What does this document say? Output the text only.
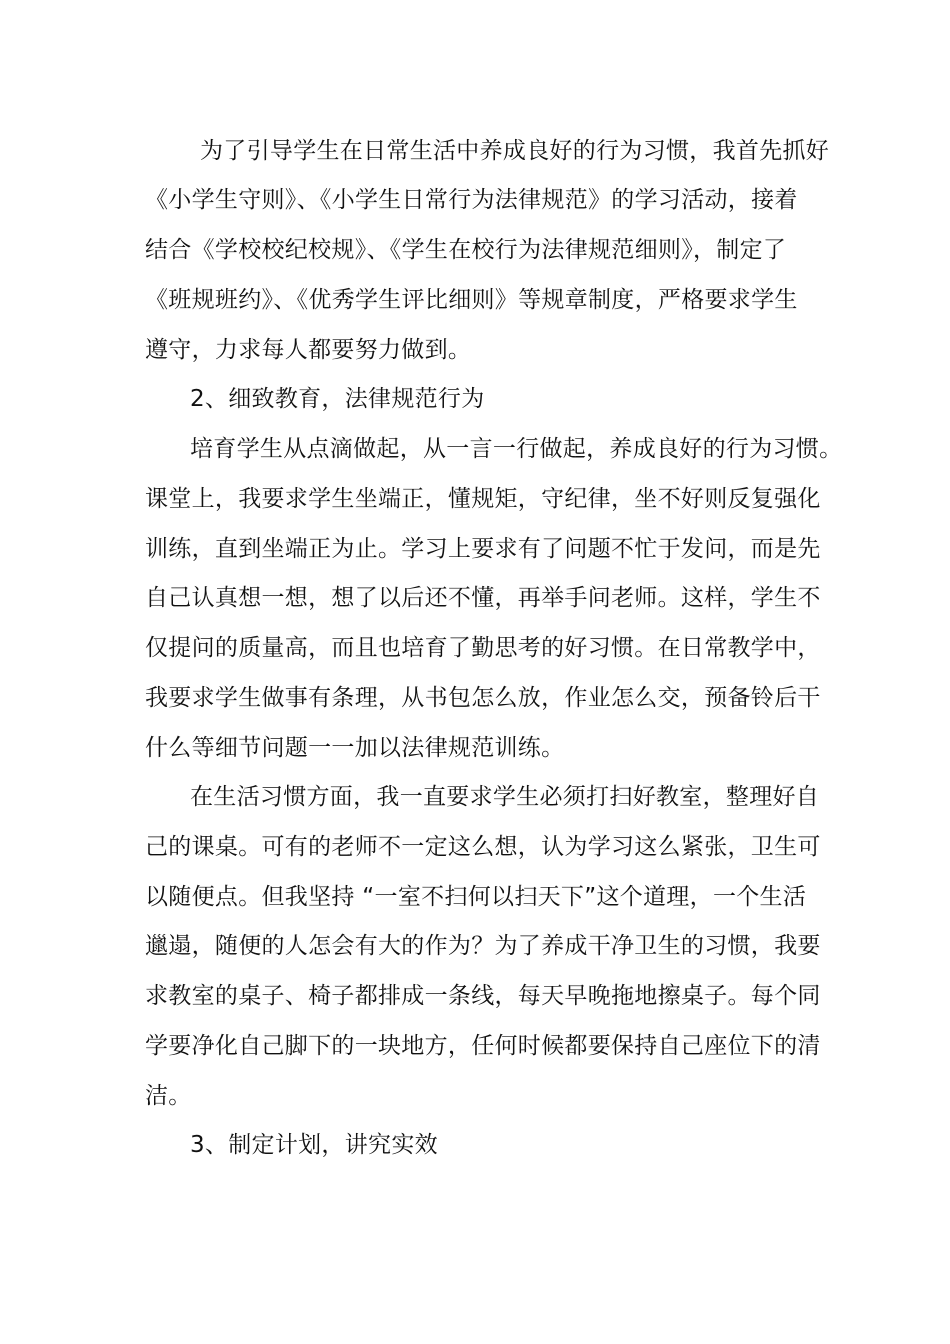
为了引导学生在日常生活中养成良好的行为习惯，我首先抓好
《小学生守则》、《小学生日常行为法律规范》的学习活动，接着
结合《学校校纪校规》、《学生在校行为法律规范细则》，制定了
《班规班约》、《优秀学生评比细则》等规章制度，严格要求学生
遵守，力求每人都要努力做到。
2、细致教育，法律规范行为
培育学生从点滴做起，从一言一行做起，养成良好的行为习惯。
课堂上，我要求学生坐端正，懂规矩，守纪律，坐不好则反复强化
训练，直到坐端正为止。学习上要求有了问题不忙于发问，而是先
自己认真想一想，想了以后还不懂，再举手问老师。这样，学生不
仅提问的质量高，而且也培育了勤思考的好习惯。在日常教学中，
我要求学生做事有条理，从书包怎么放，作业怎么交，预备铃后干
什么等细节问题一一加以法律规范训练。
在生活习惯方面，我一直要求学生必须打扫好教室，整理好自
己的课桌。可有的老师不一定这么想，认为学习这么紧张，卫生可
以随便点。但我坚持 “一室不扫何以扫天下”这个道理，一个生活
邋遢，随便的人怎会有大的作为？为了养成干净卫生的习惯，我要
求教室的桌子、椅子都排成一条线，每天早晚拖地擦桌子。每个同
学要净化自己脚下的一块地方，任何时候都要保持自己座位下的清
洁。
3、制定计划，讲究实效
